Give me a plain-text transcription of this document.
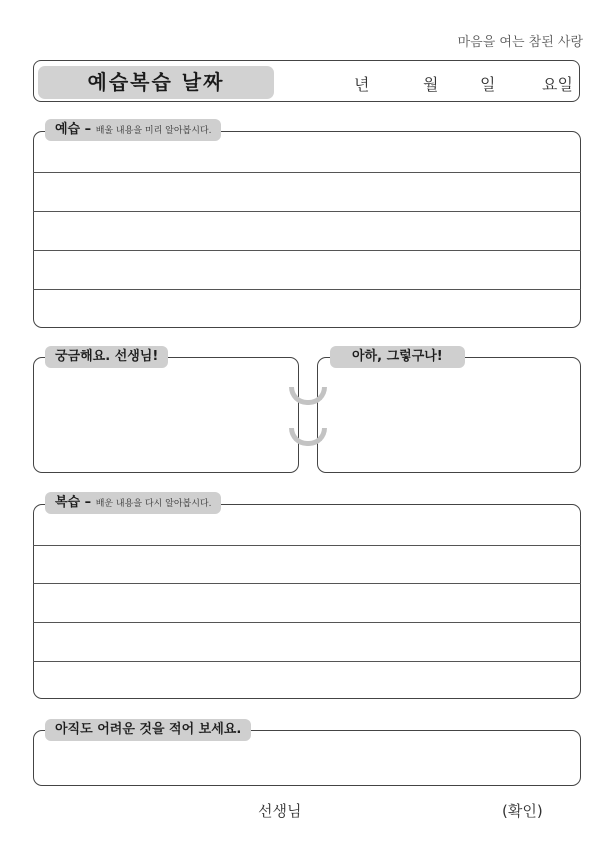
마음을 여는 참된 사랑
예습복습 날짜	년	월	일	요일
예습 – 배울 내용을 미리 알아봅시다.
궁금해요. 선생님!	아하, 그렇구나!
복습 – 배운 내용을 다시 알아봅시다.
아직도 어려운 것을 적어 보세요.
선생님	(확인)
